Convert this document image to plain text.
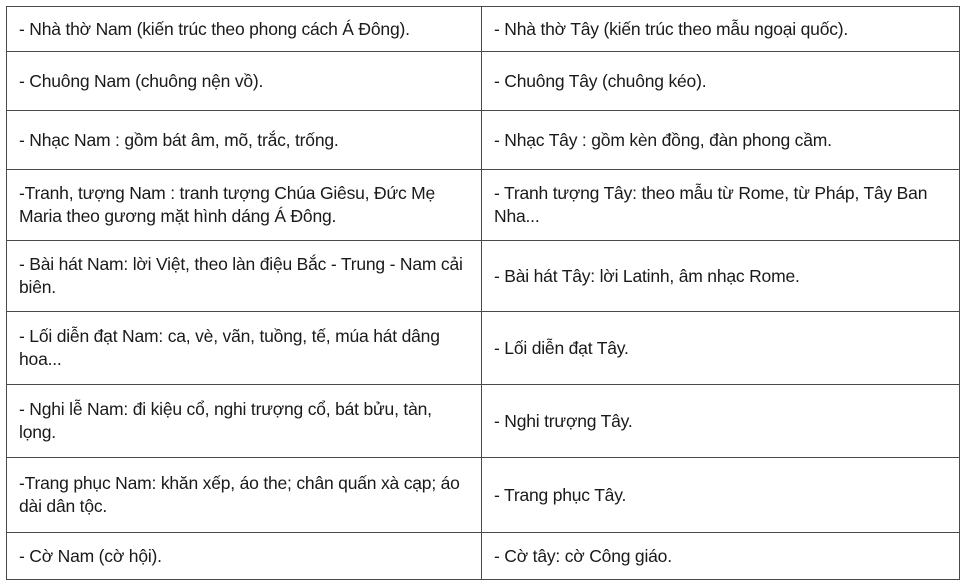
- Nhà thờ Nam (kiến trúc theo phong cách Á Đông).	- Nhà thờ Tây (kiến trúc theo mẫu ngoại quốc).
- Chuông Nam (chuông nện vồ).	- Chuông Tây (chuông kéo).
- Nhạc Nam : gồm bát âm, mõ, trắc, trống.	- Nhạc Tây : gồm kèn đồng, đàn phong cầm.
-Tranh, tượng Nam : tranh tượng Chúa Giêsu, Đức Mẹ Maria theo gương mặt hình dáng Á Đông.	- Tranh tượng Tây: theo mẫu từ Rome, từ Pháp, Tây Ban Nha...
- Bài hát Nam: lời Việt, theo làn điệu Bắc - Trung - Nam cải biên.	- Bài hát Tây: lời Latinh, âm nhạc Rome.
- Lối diễn đạt Nam: ca, vè, vãn, tuồng, tế, múa hát dâng hoa...	- Lối diễn đạt Tây.
- Nghi lễ Nam: đi kiệu cổ, nghi trượng cổ, bát bửu, tàn, lọng.	- Nghi trượng Tây.
-Trang phục Nam: khăn xếp, áo the; chân quấn xà cạp; áo dài dân tộc.	- Trang phục Tây.
- Cờ Nam (cờ hội).	- Cờ tây: cờ Công giáo.
